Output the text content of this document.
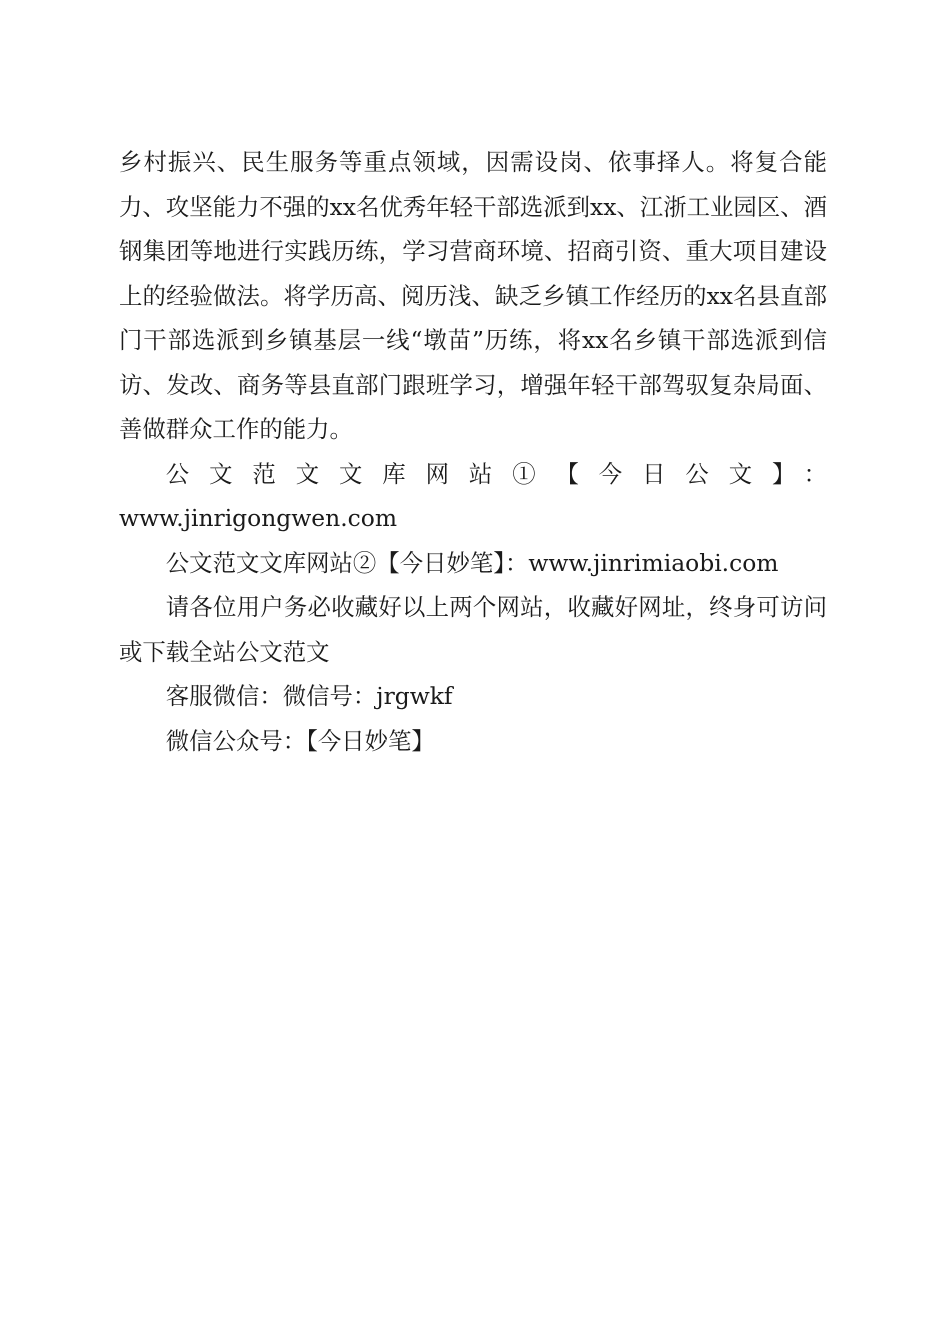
乡村振兴、民生服务等重点领域，因需设岗、依事择人。将复合能力、攻坚能力不强的xx名优秀年轻干部选派到xx、江浙工业园区、酒钢集团等地进行实践历练，学习营商环境、招商引资、重大项目建设上的经验做法。将学历高、阅历浅、缺乏乡镇工作经历的xx名县直部门干部选派到乡镇基层一线“墩苗”历练，将xx名乡镇干部选派到信访、发改、商务等县直部门跟班学习，增强年轻干部驾驭复杂局面、善做群众工作的能力。

公文范文文库网站①【今日公文】：

www.jinrigongwen.com

公文范文文库网站②【今日妙笔】：www.jinrimiaobi.com

请各位用户务必收藏好以上两个网站，收藏好网址，终身可访问或下载全站公文范文

客服微信：微信号：jrgwkf

微信公众号：【今日妙笔】
